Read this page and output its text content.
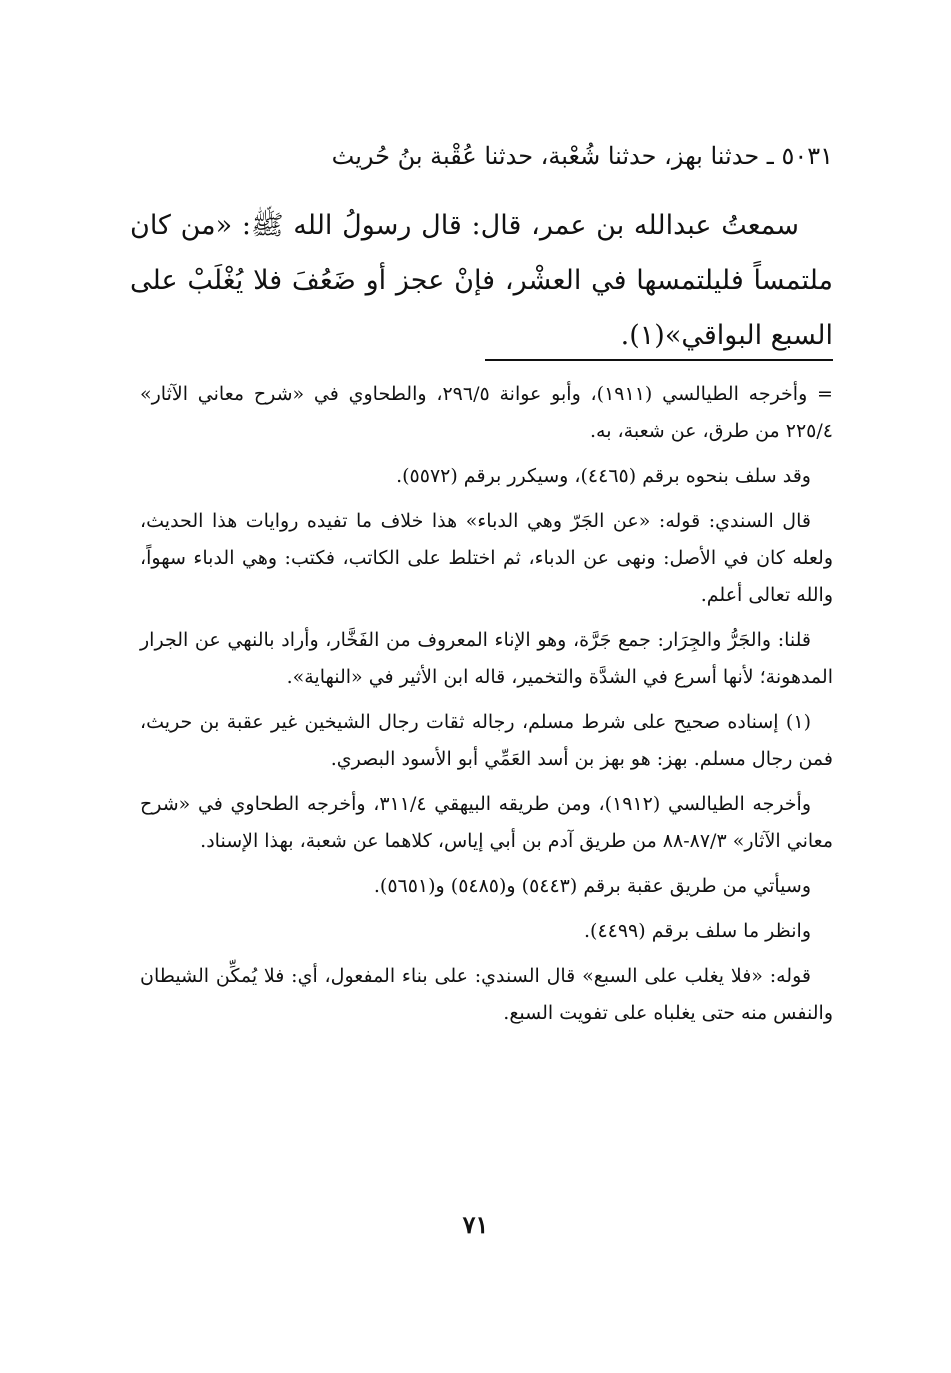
٥٠٣١ ـ حدثنا بهز، حدثنا شُعْبة، حدثنا عُقْبة بنُ حُريث

سمعتُ عبدالله بن عمر، قال: قال رسولُ الله ﷺ: «من كان ملتمساً فليلتمسها في العشْر، فإنْ عجز أو ضَعُفَ فلا يُغْلَبْ على السبع البواقي»(١).

= وأخرجه الطيالسي (١٩١١)، وأبو عوانة ٢٩٦/٥، والطحاوي في «شرح معاني الآثار» ٢٢٥/٤ من طرق، عن شعبة، به.

وقد سلف بنحوه برقم (٤٤٦٥)، وسيكرر برقم (٥٥٧٢).

قال السندي: قوله: «عن الجَرّ وهي الدباء» هذا خلاف ما تفيده روايات هذا الحديث، ولعله كان في الأصل: ونهى عن الدباء، ثم اختلط على الكاتب، فكتب: وهي الدباء سهواً، والله تعالى أعلم.

قلنا: والجَرُّ والجِرَار: جمع جَرَّة، وهو الإناء المعروف من الفَخَّار، وأراد بالنهي عن الجرار المدهونة؛ لأنها أسرع في الشدَّة والتخمير، قاله ابن الأثير في «النهاية».

(١) إسناده صحيح على شرط مسلم، رجاله ثقات رجال الشيخين غير عقبة بن حريث، فمن رجال مسلم. بهز: هو بهز بن أسد العَمِّي أبو الأسود البصري.

وأخرجه الطيالسي (١٩١٢)، ومن طريقه البيهقي ٣١١/٤، وأخرجه الطحاوي في «شرح معاني الآثار» ٨٧/٣-٨٨ من طريق آدم بن أبي إياس، كلاهما عن شعبة، بهذا الإسناد.

وسيأتي من طريق عقبة برقم (٥٤٤٣) و(٥٤٨٥) و(٥٦٥١).

وانظر ما سلف برقم (٤٤٩٩).

قوله: «فلا يغلب على السبع» قال السندي: على بناء المفعول، أي: فلا يُمكِّن الشيطان والنفس منه حتى يغلباه على تفويت السبع.

٧١
